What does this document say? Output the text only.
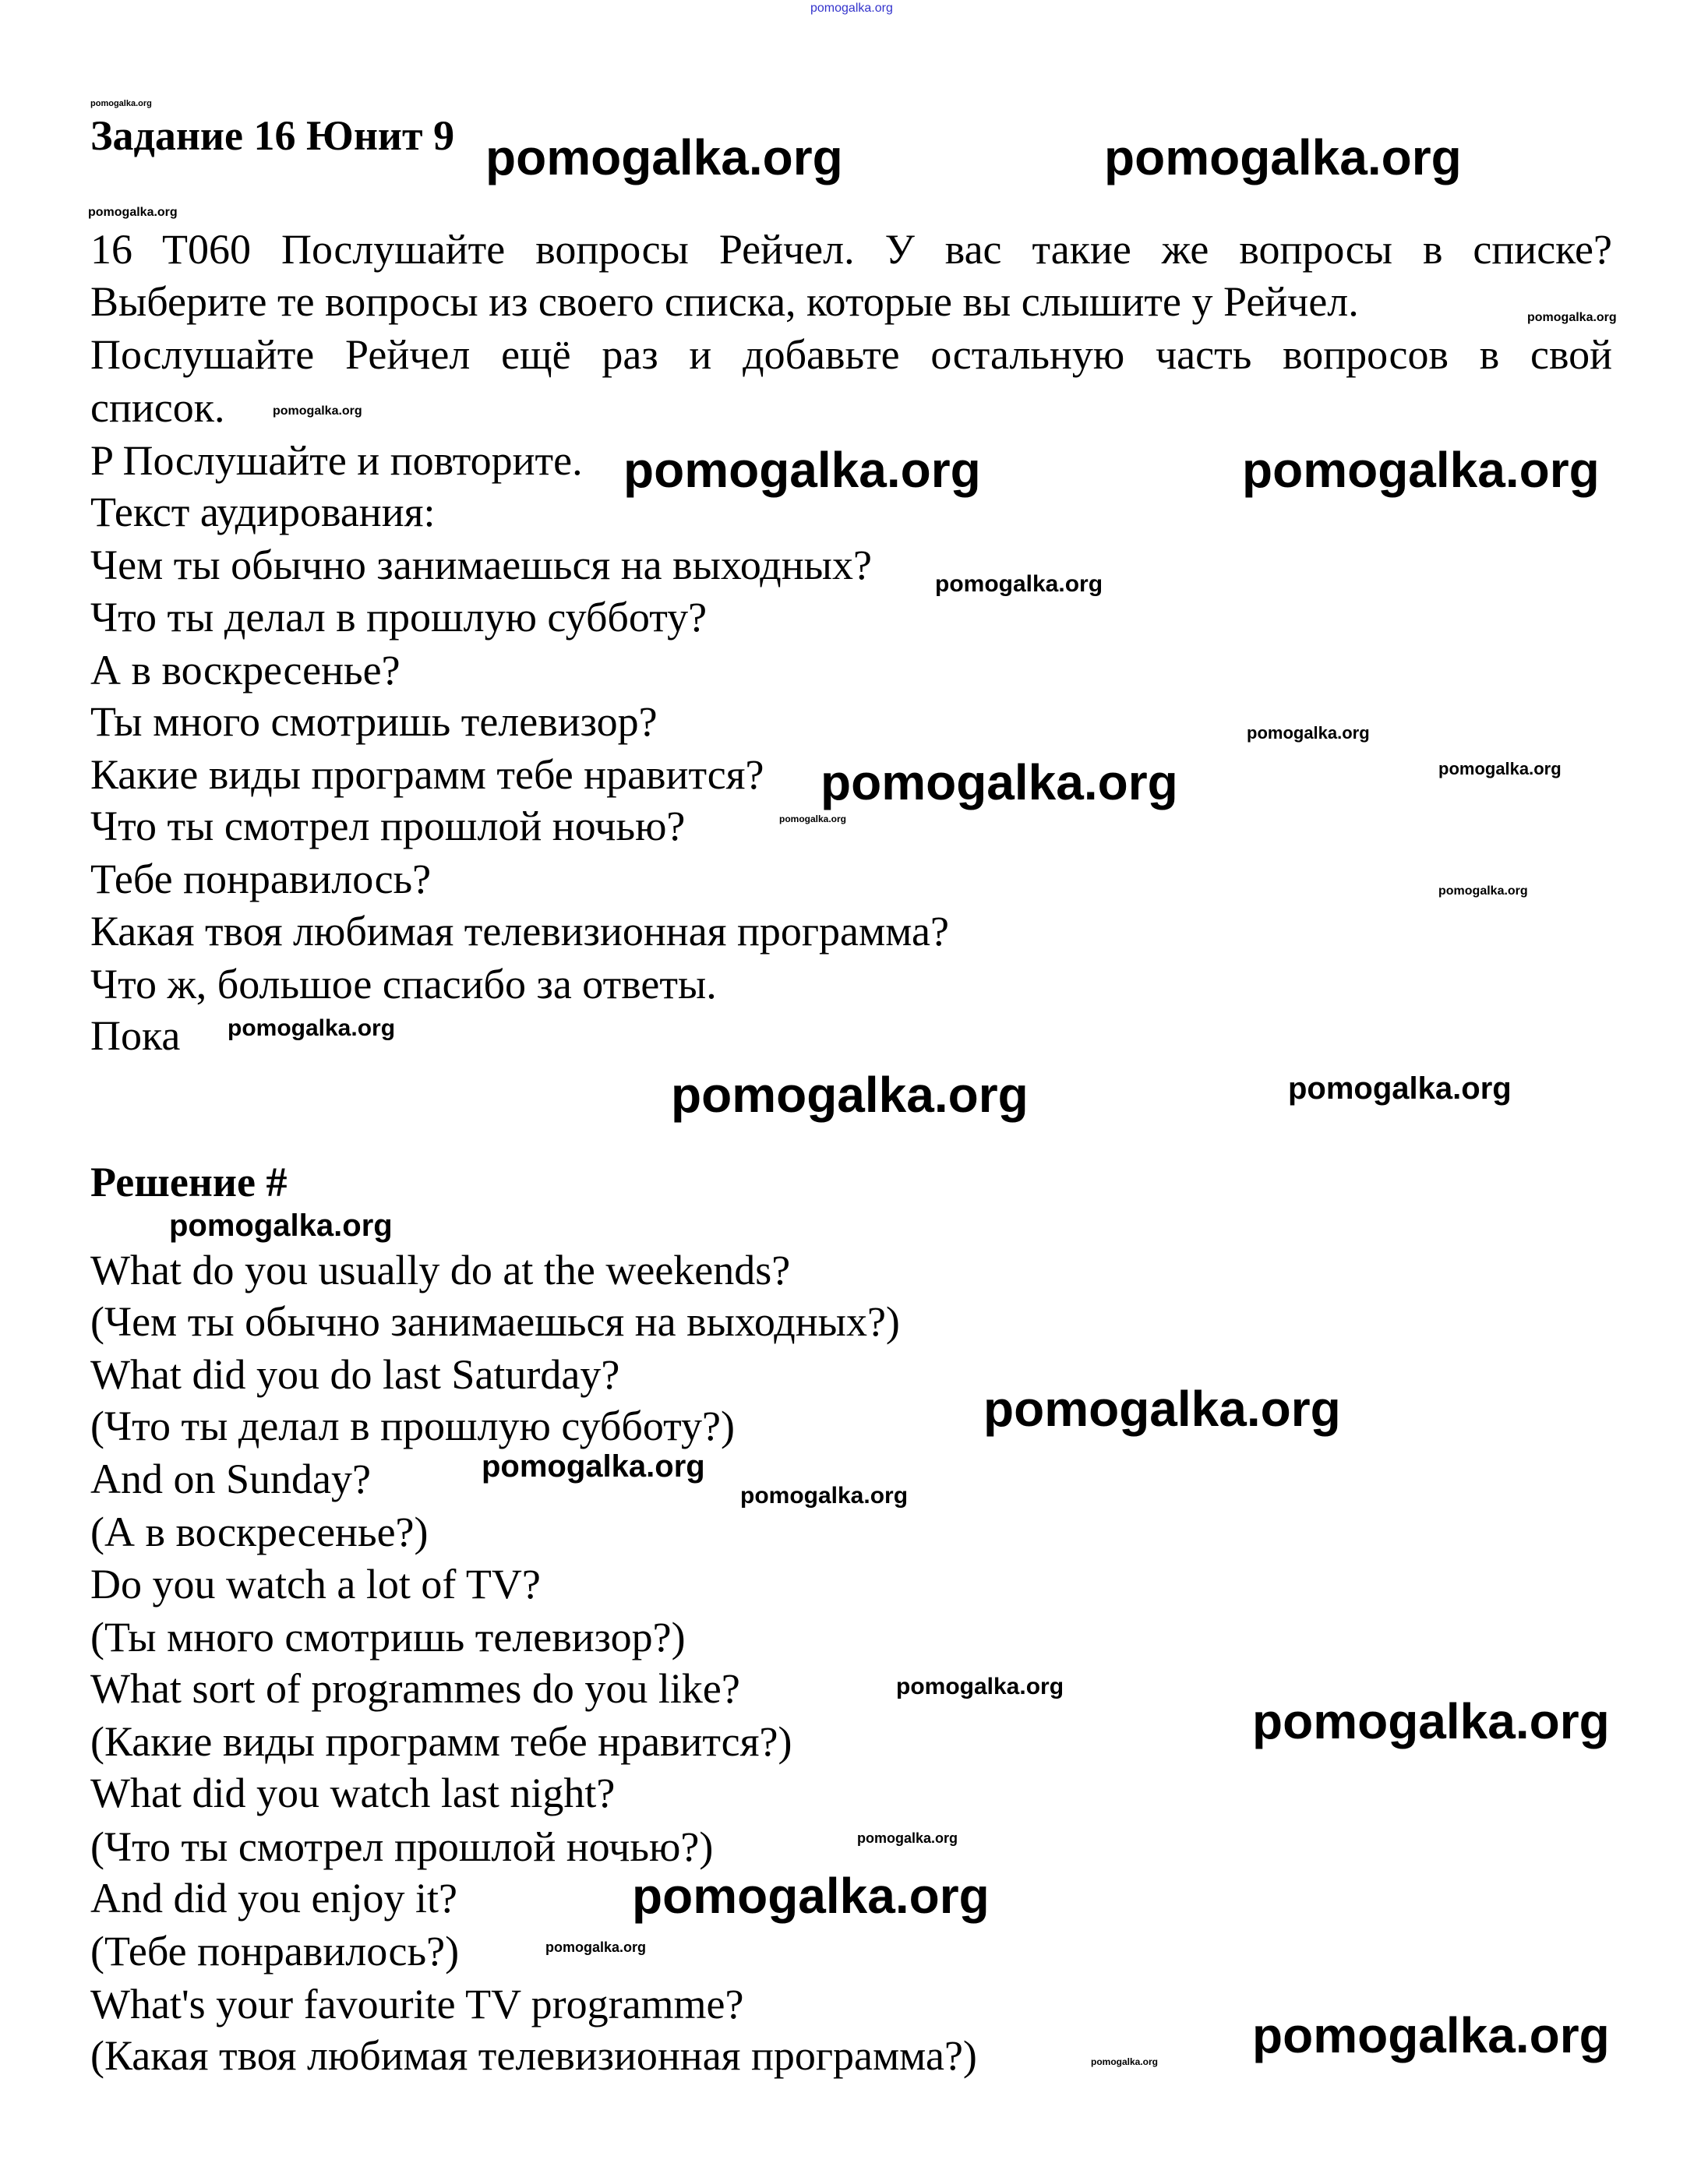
Задание 16 Юнит 9
16 T060 Послушайте вопросы Рейчел. У вас такие же вопросы в списке?
Выберите те вопросы из своего списка, которые вы слышите у Рейчел.
Послушайте Рейчел ещё раз и добавьте остальную часть вопросов в свой
список.
P Послушайте и повторите.
Текст аудирования:
Чем ты обычно занимаешься на выходных?
Что ты делал в прошлую субботу?
А в воскресенье?
Ты много смотришь телевизор?
Какие виды программ тебе нравится?
Что ты смотрел прошлой ночью?
Тебе понравилось?
Какая твоя любимая телевизионная программа?
Что ж, большое спасибо за ответы.
Пока
Решение #
What do you usually do at the weekends?
(Чем ты обычно занимаешься на выходных?)
What did you do last Saturday?
(Что ты делал в прошлую субботу?)
And on Sunday?
(А в воскресенье?)
Do you watch a lot of TV?
(Ты много смотришь телевизор?)
What sort of programmes do you like?
(Какие виды программ тебе нравится?)
What did you watch last night?
(Что ты смотрел прошлой ночью?)
And did you enjoy it?
(Тебе понравилось?)
What's your favourite TV programme?
(Какая твоя любимая телевизионная программа?)
pomogalka.org
pomogalka.org	pomogalka.org
pomogalka.org	pomogalka.org
pomogalka.org
pomogalka.org
pomogalka.org
pomogalka.org
pomogalka.org
pomogalka.org
pomogalka.org
pomogalka.org
pomogalka.org
pomogalka.org
pomogalka.org
pomogalka.org
pomogalka.org
pomogalka.org
pomogalka.org
pomogalka.org
pomogalka.org
pomogalka.org
pomogalka.org
pomogalka.org
pomogalka.org
pomogalka.org
pomogalka.org
pomogalka.org
